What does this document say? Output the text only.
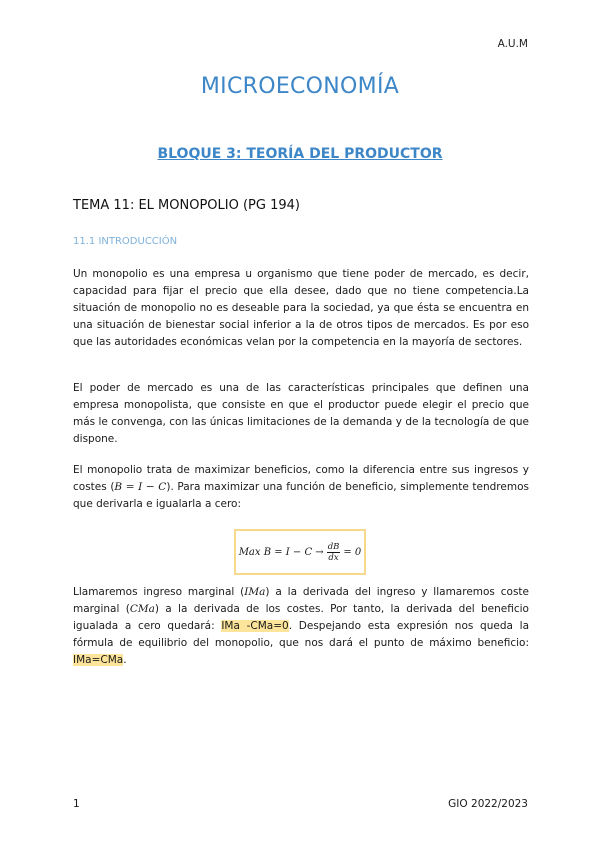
A.U.M
MICROECONOMÍA
BLOQUE 3: TEORÍA DEL PRODUCTOR
TEMA 11: EL MONOPOLIO (PG 194)
11.1 INTRODUCCIÓN
Un monopolio es una empresa u organismo que tiene poder de mercado, es decir, capacidad para fijar el precio que ella desee, dado que no tiene competencia.La situación de monopolio no es deseable para la sociedad, ya que ésta se encuentra en una situación de bienestar social inferior a la de otros tipos de mercados. Es por eso que las autoridades económicas velan por la competencia en la mayoría de sectores.
El poder de mercado es una de las características principales que definen una empresa monopolista, que consiste en que el productor puede elegir el precio que más le convenga, con las únicas limitaciones de la demanda y de la tecnología de que dispone.
El monopolio trata de maximizar beneficios, como la diferencia entre sus ingresos y costes (B = I − C). Para maximizar una función de beneficio, simplemente tendremos que derivarla e igualarla a cero:
Max $B = I - C \to \frac{dB}{dx} = 0$
Llamaremos ingreso marginal (IMa) a la derivada del ingreso y llamaremos coste marginal (CMa) a la derivada de los costes. Por tanto, la derivada del beneficio igualada a cero quedará: IMa -CMa=0. Despejando esta expresión nos queda la fórmula de equilibrio del monopolio, que nos dará el punto de máximo beneficio: IMa=CMa.
1	GIO 2022/2023
